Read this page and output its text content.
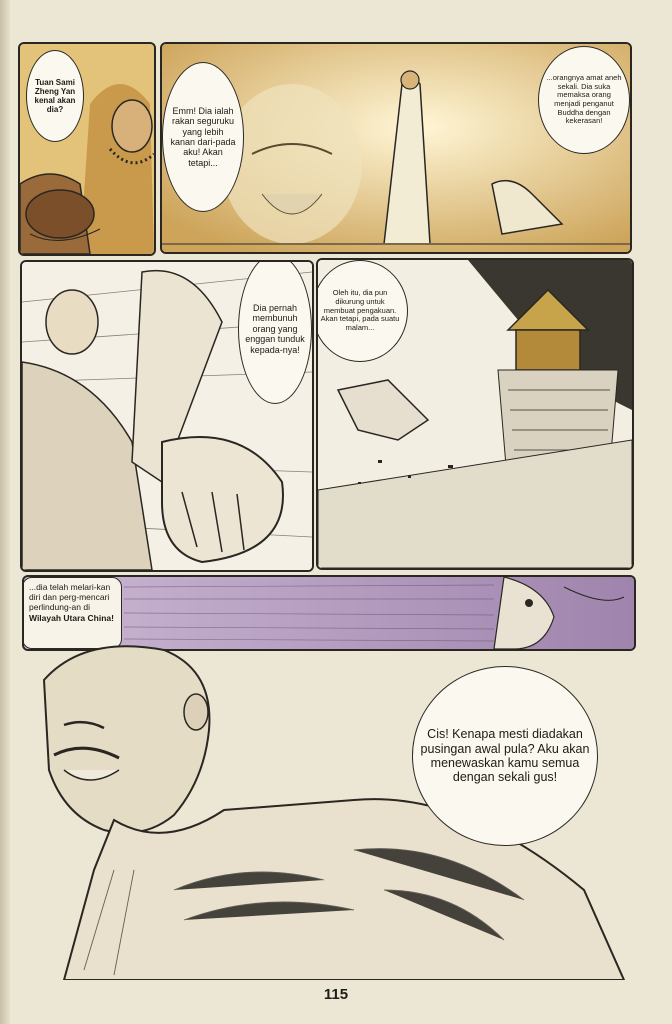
Tuan Sami Zheng Yan kenal akan dia?	Emm! Dia ialah rakan seguruku yang lebih kanan dari-pada aku! Akan tetapi...
...orangnya amat aneh sekali. Dia suka memaksa orang menjadi penganut Buddha dengan kekerasan!
Dia pernah membunuh orang yang enggan tunduk kepada-nya!
Oleh itu, dia pun dikurung untuk membuat pengakuan. Akan tetapi, pada suatu malam...
...dia telah melari-kan diri dan perg-mencari perlindung-an di Wilayah Utara China!
Cis! Kenapa mesti diadakan pusingan awal pula? Aku akan menewaskan kamu semua dengan sekali gus!
115
